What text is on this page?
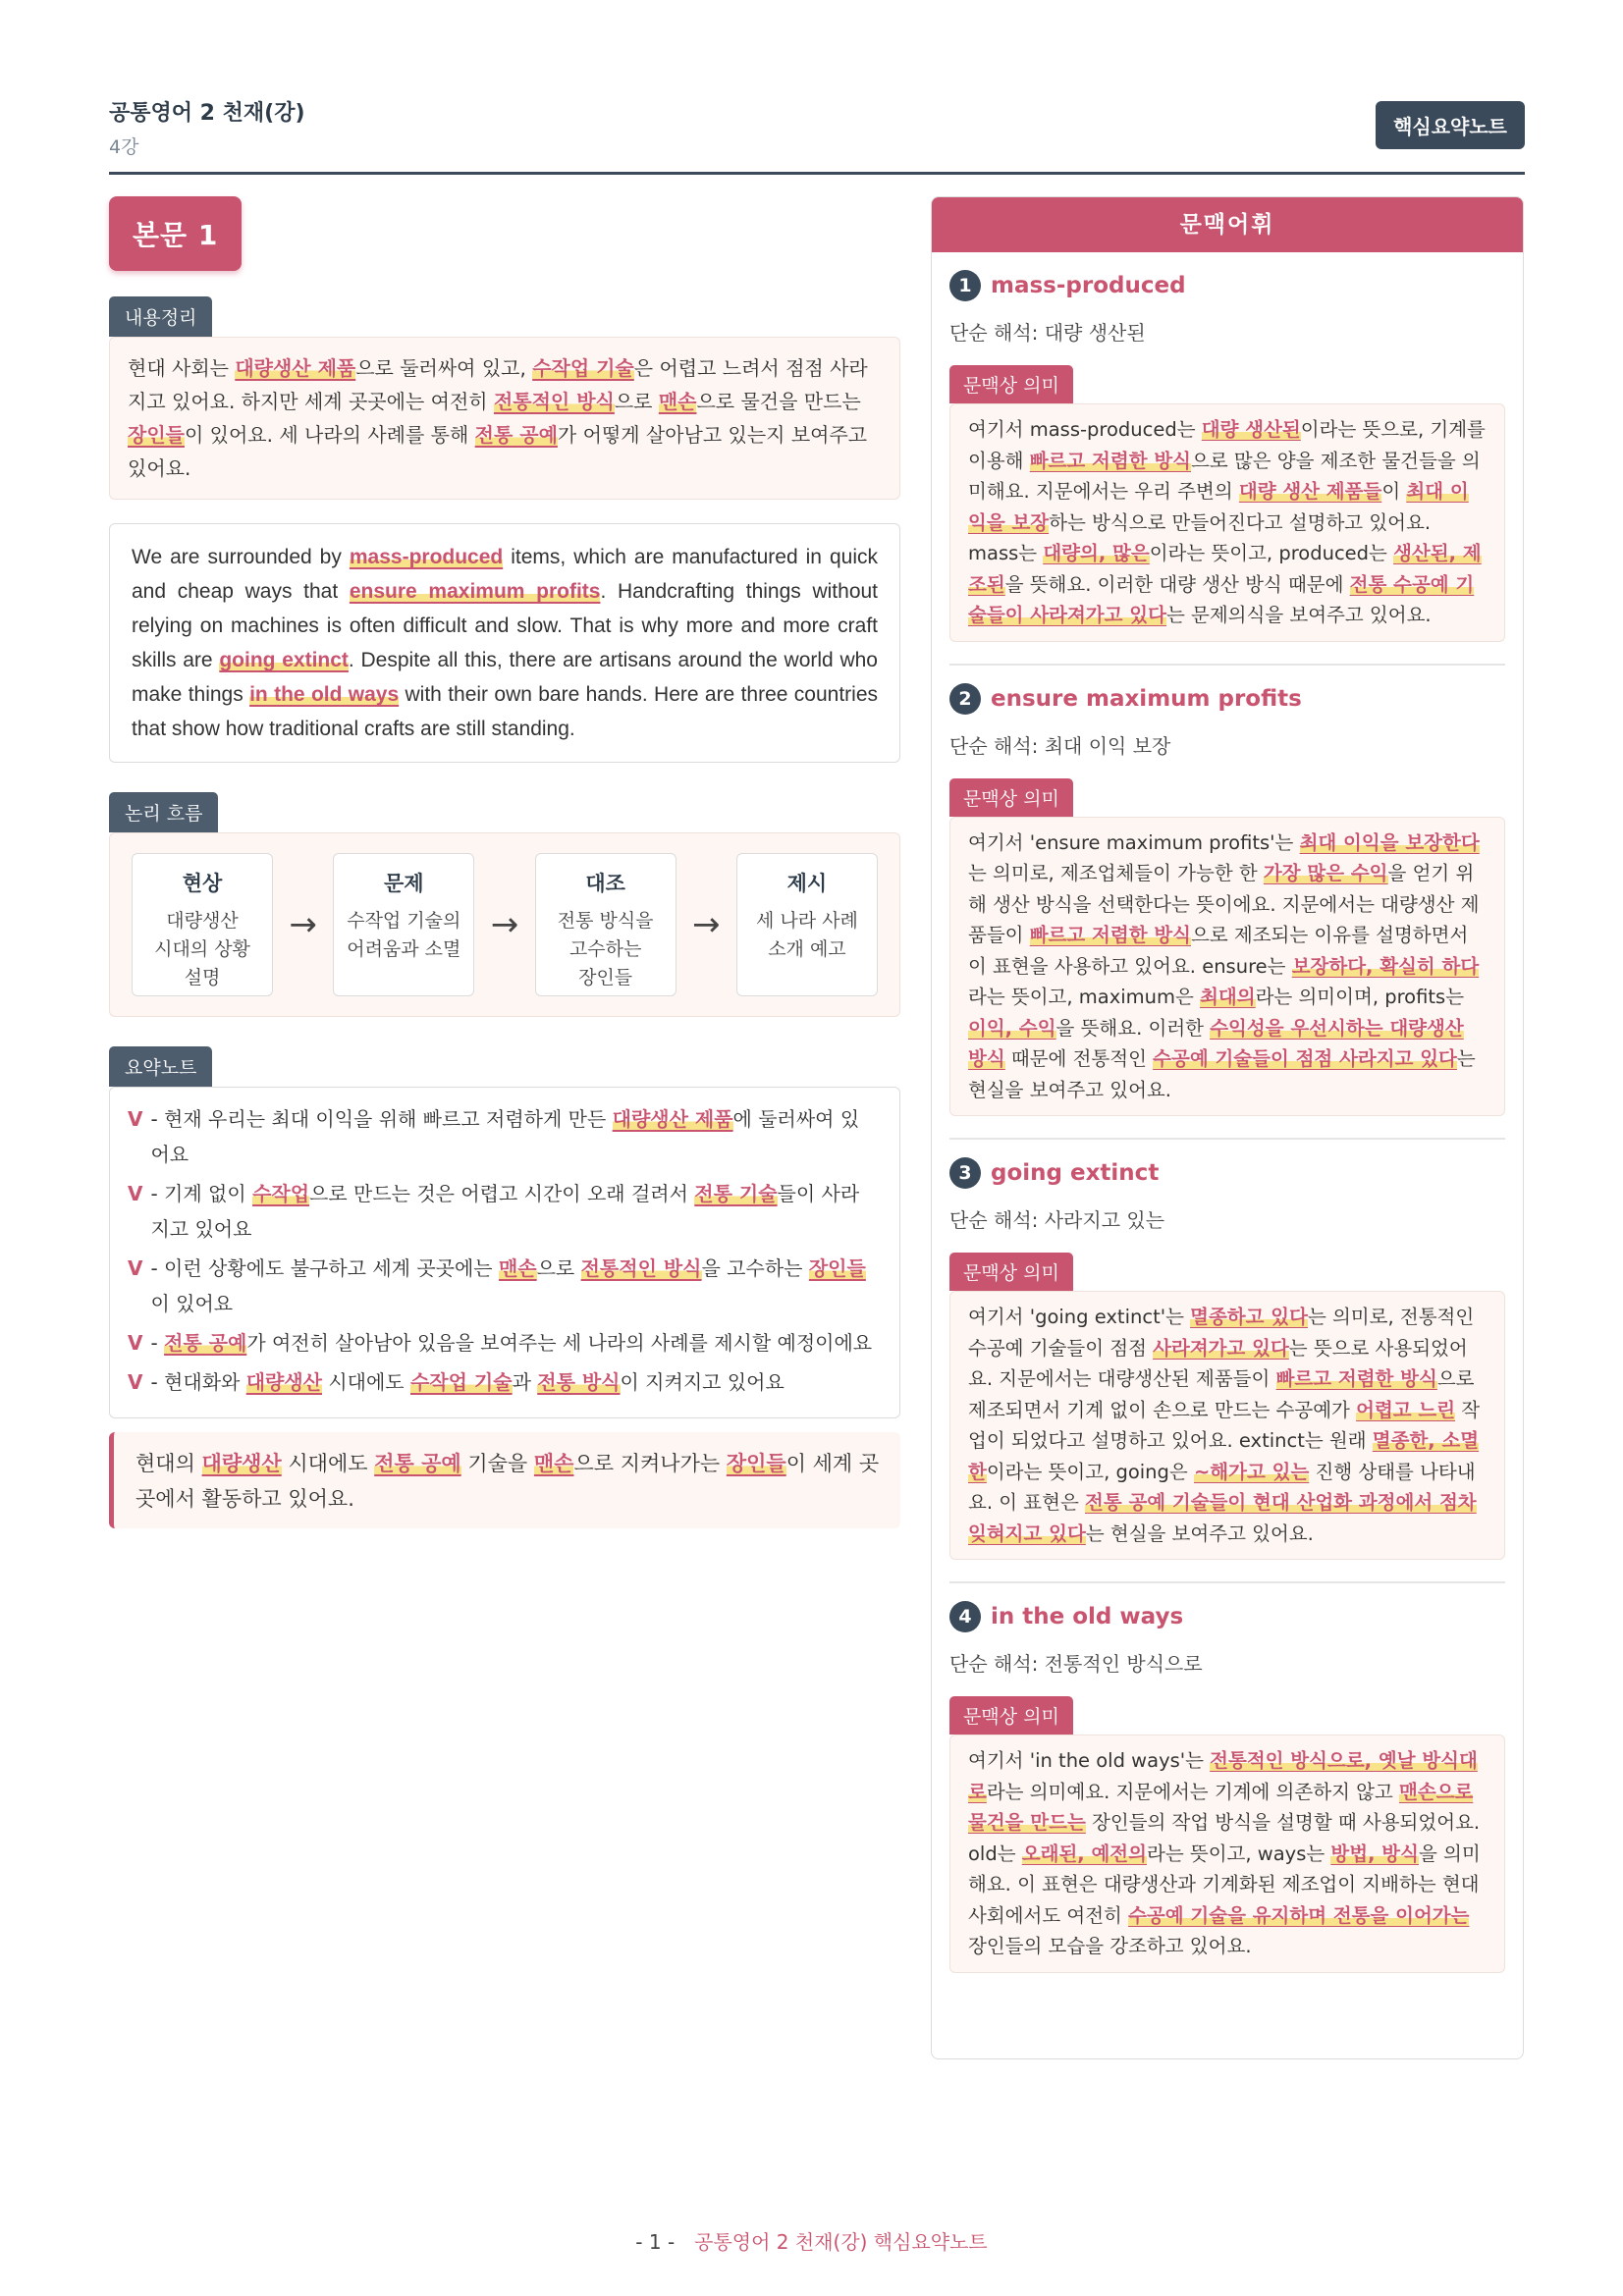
공통영어 2 천재(강)
4강
핵심요약노트
본문 1
내용정리
현대 사회는 대량생산 제품으로 둘러싸여 있고, 수작업 기술은 어렵고 느려서 점점 사라지고 있어요. 하지만 세계 곳곳에는 여전히 전통적인 방식으로 맨손으로 물건을 만드는 장인들이 있어요. 세 나라의 사례를 통해 전통 공예가 어떻게 살아남고 있는지 보여주고 있어요.
We are surrounded by mass-produced items, which are manufactured in quick and cheap ways that ensure maximum profits. Handcrafting things without relying on machines is often difficult and slow. That is why more and more craft skills are going extinct. Despite all this, there are artisans around the world who make things in the old ways with their own bare hands. Here are three countries that show how traditional crafts are still standing.
논리 흐름
현상
대량생산
시대의 상황
설명
→
문제
수작업 기술의
어려움과 소멸
→
대조
전통 방식을
고수하는
장인들
→
제시
세 나라 사례
소개 예고
요약노트
V - 현재 우리는 최대 이익을 위해 빠르고 저렴하게 만든 대량생산 제품에 둘러싸여 있어요
V - 기계 없이 수작업으로 만드는 것은 어렵고 시간이 오래 걸려서 전통 기술들이 사라지고 있어요
V - 이런 상황에도 불구하고 세계 곳곳에는 맨손으로 전통적인 방식을 고수하는 장인들이 있어요
V - 전통 공예가 여전히 살아남아 있음을 보여주는 세 나라의 사례를 제시할 예정이에요
V - 현대화와 대량생산 시대에도 수작업 기술과 전통 방식이 지켜지고 있어요
현대의 대량생산 시대에도 전통 공예 기술을 맨손으로 지켜나가는 장인들이 세계 곳곳에서 활동하고 있어요.
문맥어휘
1 mass-produced
단순 해석: 대량 생산된
문맥상 의미
여기서 mass-produced는 대량 생산된이라는 뜻으로, 기계를 이용해 빠르고 저렴한 방식으로 많은 양을 제조한 물건들을 의미해요. 지문에서는 우리 주변의 대량 생산 제품들이 최대 이익을 보장하는 방식으로 만들어진다고 설명하고 있어요. mass는 대량의, 많은이라는 뜻이고, produced는 생산된, 제조된을 뜻해요. 이러한 대량 생산 방식 때문에 전통 수공예 기술들이 사라져가고 있다는 문제의식을 보여주고 있어요.
2 ensure maximum profits
단순 해석: 최대 이익 보장
문맥상 의미
여기서 'ensure maximum profits'는 최대 이익을 보장한다는 의미로, 제조업체들이 가능한 한 가장 많은 수익을 얻기 위해 생산 방식을 선택한다는 뜻이에요. 지문에서는 대량생산 제품들이 빠르고 저렴한 방식으로 제조되는 이유를 설명하면서 이 표현을 사용하고 있어요. ensure는 보장하다, 확실히 하다라는 뜻이고, maximum은 최대의라는 의미이며, profits는 이익, 수익을 뜻해요. 이러한 수익성을 우선시하는 대량생산 방식 때문에 전통적인 수공예 기술들이 점점 사라지고 있다는 현실을 보여주고 있어요.
3 going extinct
단순 해석: 사라지고 있는
문맥상 의미
여기서 'going extinct'는 멸종하고 있다는 의미로, 전통적인 수공예 기술들이 점점 사라져가고 있다는 뜻으로 사용되었어요. 지문에서는 대량생산된 제품들이 빠르고 저렴한 방식으로 제조되면서 기계 없이 손으로 만드는 수공예가 어렵고 느린 작업이 되었다고 설명하고 있어요. extinct는 원래 멸종한, 소멸한이라는 뜻이고, going은 ~해가고 있는 진행 상태를 나타내요. 이 표현은 전통 공예 기술들이 현대 산업화 과정에서 점차 잊혀지고 있다는 현실을 보여주고 있어요.
4 in the old ways
단순 해석: 전통적인 방식으로
문맥상 의미
여기서 'in the old ways'는 전통적인 방식으로, 옛날 방식대로라는 의미예요. 지문에서는 기계에 의존하지 않고 맨손으로 물건을 만드는 장인들의 작업 방식을 설명할 때 사용되었어요. old는 오래된, 예전의라는 뜻이고, ways는 방법, 방식을 의미해요. 이 표현은 대량생산과 기계화된 제조업이 지배하는 현대 사회에서도 여전히 수공예 기술을 유지하며 전통을 이어가는 장인들의 모습을 강조하고 있어요.
- 1 - 공통영어 2 천재(강) 핵심요약노트
